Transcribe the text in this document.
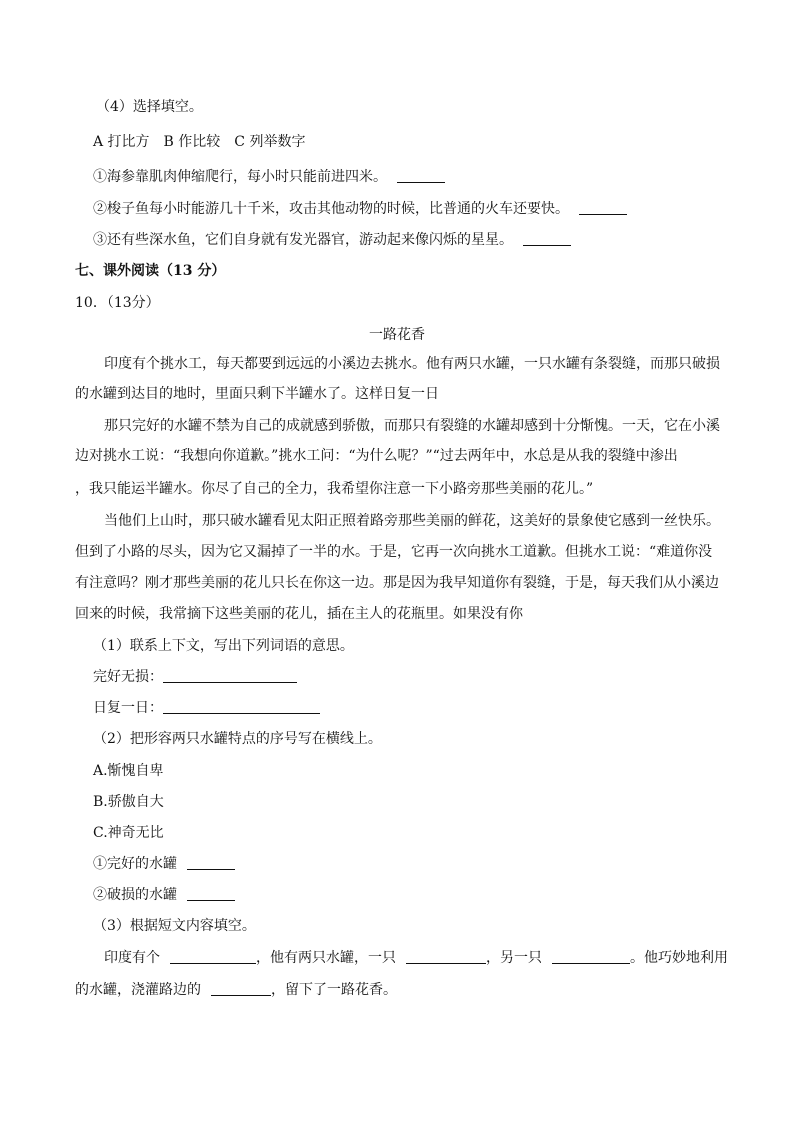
（4）选择填空。
A 打比方　B 作比较　C 列举数字
①海参靠肌肉伸缩爬行，每小时只能前进四米。
②梭子鱼每小时能游几十千米，攻击其他动物的时候，比普通的火车还要快。
③还有些深水鱼，它们自身就有发光器官，游动起来像闪烁的星星。
七、课外阅读（13 分）
10．（13分）
一路花香
印度有个挑水工，每天都要到远远的小溪边去挑水。他有两只水罐，一只水罐有条裂缝，而那只破损
的水罐到达目的地时，里面只剩下半罐水了。这样日复一日
那只完好的水罐不禁为自己的成就感到骄傲，而那只有裂缝的水罐却感到十分惭愧。一天，它在小溪
边对挑水工说：“我想向你道歉。”挑水工问：“为什么呢？”“过去两年中，水总是从我的裂缝中渗出
，我只能运半罐水。你尽了自己的全力，我希望你注意一下小路旁那些美丽的花儿。”
当他们上山时，那只破水罐看见太阳正照着路旁那些美丽的鲜花，这美好的景象使它感到一丝快乐。
但到了小路的尽头，因为它又漏掉了一半的水。于是，它再一次向挑水工道歉。但挑水工说：“难道你没
有注意吗？刚才那些美丽的花儿只长在你这一边。那是因为我早知道你有裂缝，于是，每天我们从小溪边
回来的时候，我常摘下这些美丽的花儿，插在主人的花瓶里。如果没有你
（1）联系上下文，写出下列词语的意思。
完好无损：
日复一日：
（2）把形容两只水罐特点的序号写在横线上。
A.惭愧自卑
B.骄傲自大
C.神奇无比
①完好的水罐
②破损的水罐
（3）根据短文内容填空。
印度有个	，他有两只水罐，一只	，另一只	。他巧妙地利用
的水罐，浇灌路边的	，留下了一路花香。
